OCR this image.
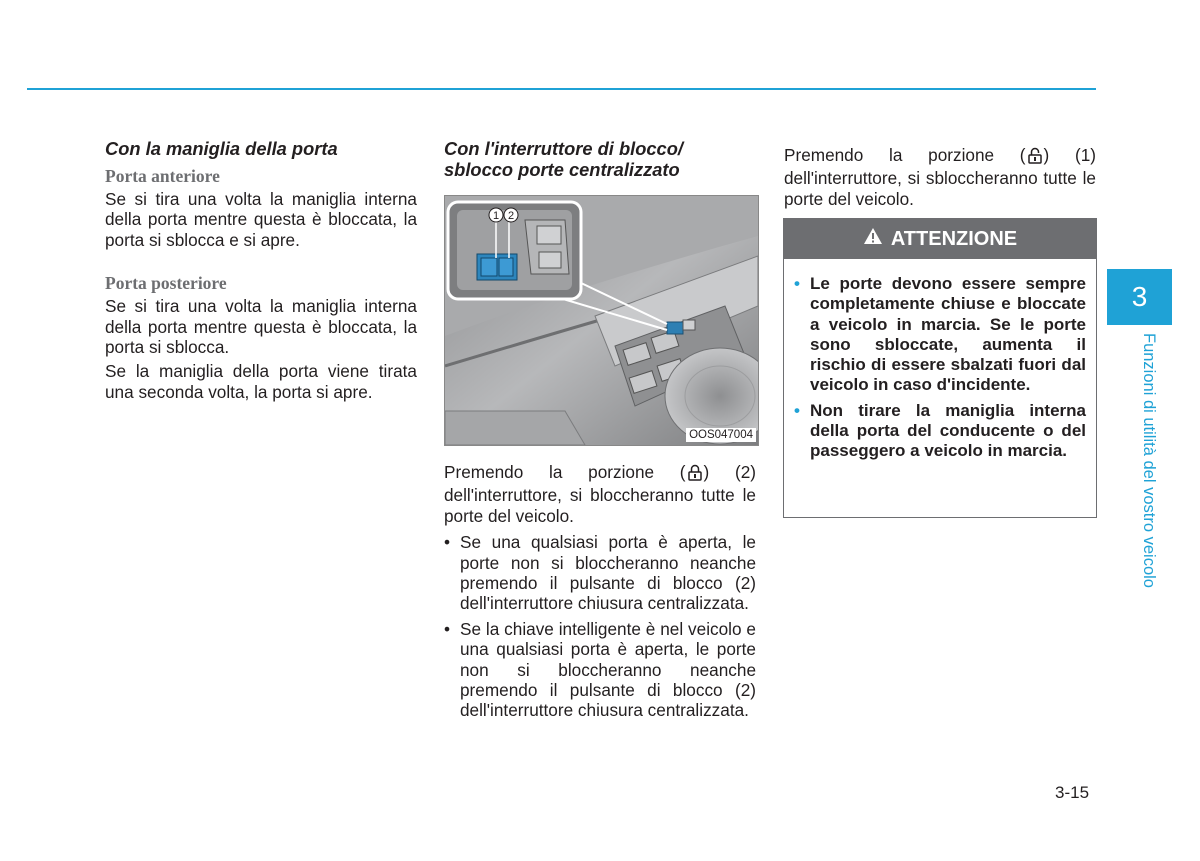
Con la maniglia della porta

Porta anteriore

Se si tira una volta la maniglia interna della porta mentre questa è bloccata, la porta si sblocca e si apre.

Porta posteriore

Se si tira una volta la maniglia interna della porta mentre questa è bloccata, la porta si sblocca.

Se la maniglia della porta viene tirata una seconda volta, la porta si apre.

Con l'interruttore di blocco/ sblocco porte centralizzato
1 2
OOS047004

Premendo la porzione ( ) (2) dell'interruttore, si bloccheranno tutte le porte del veicolo.

• Se una qualsiasi porta è aperta, le porte non si bloccheranno neanche premendo il pulsante di blocco (2) dell'interruttore chiusura centralizzata.
• Se la chiave intelligente è nel veicolo e una qualsiasi porta è aperta, le porte non si bloccheranno neanche premendo il pulsante di blocco (2) dell'interruttore chiusura centralizzata.

Premendo la porzione ( ) (1) dell'interruttore, si sbloccheranno tutte le porte del veicolo.

ATTENZIONE
• Le porte devono essere sempre completamente chiuse e bloccate a veicolo in marcia. Se le porte sono sbloccate, aumenta il rischio di essere sbalzati fuori dal veicolo in caso d'incidente.
• Non tirare la maniglia interna della porta del conducente o del passeggero a veicolo in marcia.
3
Funzioni di utilità del vostro veicolo
3-15
